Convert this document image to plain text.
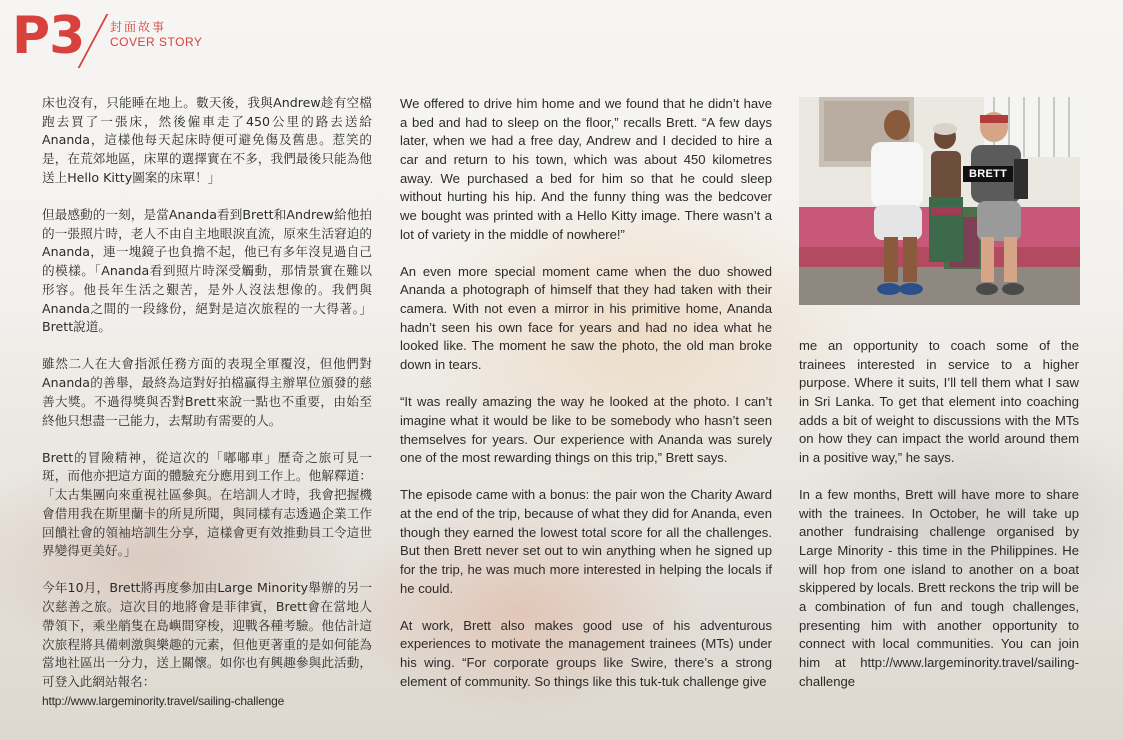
P3 封面故事
COVER STORY

床也沒有，只能睡在地上。數天後，我與Andrew趁有空檔跑去買了一張床，然後僱車走了450公里的路去送給Ananda，這樣他每天起床時便可避免傷及舊患。惹笑的是，在荒郊地區，床單的選擇實在不多，我們最後只能為他送上Hello Kitty圖案的床單！」

但最感動的一刻，是當Ananda看到Brett和Andrew給他拍的一張照片時，老人不由自主地眼淚直流，原來生活窘迫的Ananda，連一塊鏡子也負擔不起，他已有多年沒見過自己的模樣。「Ananda看到照片時深受觸動，那情景實在難以形容。他長年生活之艱苦，是外人沒法想像的。我們與Ananda之間的一段緣份，絕對是這次旅程的一大得著。」Brett說道。

雖然二人在大會指派任務方面的表現全軍覆沒，但他們對Ananda的善舉，最終為這對好拍檔贏得主辦單位頒發的慈善大獎。不過得獎與否對Brett來說一點也不重要，由始至終他只想盡一己能力，去幫助有需要的人。

Brett的冒險精神，從這次的「嘟嘟車」歷奇之旅可見一斑，而他亦把這方面的體驗充分應用到工作上。他解釋道：「太古集團向來重視社區參與。在培訓人才時，我會把握機會借用我在斯里蘭卡的所見所聞，與同樣有志透過企業工作回饋社會的領袖培訓生分享，這樣會更有效推動員工令這世界變得更美好。」

今年10月，Brett將再度參加由Large Minority舉辦的另一次慈善之旅。這次目的地將會是菲律賓，Brett會在當地人帶領下，乘坐艄隻在島嶼間穿梭，迎戰各種考驗。他估計這次旅程將具備刺激與樂趣的元素，但他更著重的是如何能為當地社區出一分力，送上關懷。如你也有興趣參與此活動，可登入此網站報名：
http://www.largeminority.travel/sailing-challenge

We offered to drive him home and we found that he didn’t have a bed and had to sleep on the floor,” recalls Brett. “A few days later, when we had a free day, Andrew and I decided to hire a car and return to his town, which was about 450 kilometres away. We purchased a bed for him so that he could sleep without hurting his hip. And the funny thing was the bedcover we bought was printed with a Hello Kitty image. There wasn’t a lot of variety in the middle of nowhere!”

An even more special moment came when the duo showed Ananda a photograph of himself that they had taken with their camera. With not even a mirror in his primitive home, Ananda hadn’t seen his own face for years and had no idea what he looked like. The moment he saw the photo, the old man broke down in tears.

“It was really amazing the way he looked at the photo. I can’t imagine what it would be like to be somebody who hasn’t seen themselves for years. Our experience with Ananda was surely one of the most rewarding things on this trip,” Brett says.

The episode came with a bonus: the pair won the Charity Award at the end of the trip, because of what they did for Ananda, even though they earned the lowest total score for all the challenges. But then Brett never set out to win anything when he signed up for the trip, he was much more interested in helping the locals if he could.

At work, Brett also makes good use of his adventurous experiences to motivate the management trainees (MTs) under his wing. “For corporate groups like Swire, there’s a strong element of community. So things like this tuk-tuk challenge give

BRETT

me an opportunity to coach some of the trainees interested in service to a higher purpose. Where it suits, I’ll tell them what I saw in Sri Lanka. To get that element into coaching adds a bit of weight to discussions with the MTs on how they can impact the world around them in a positive way,” he says.

In a few months, Brett will have more to share with the trainees. In October, he will take up another fundraising challenge organised by Large Minority - this time in the Philippines. He will hop from one island to another on a boat skippered by locals. Brett reckons the trip will be a combination of fun and tough challenges, presenting him with another opportunity to connect with local communities. You can join him at http://www.largeminority.travel/sailing-challenge
